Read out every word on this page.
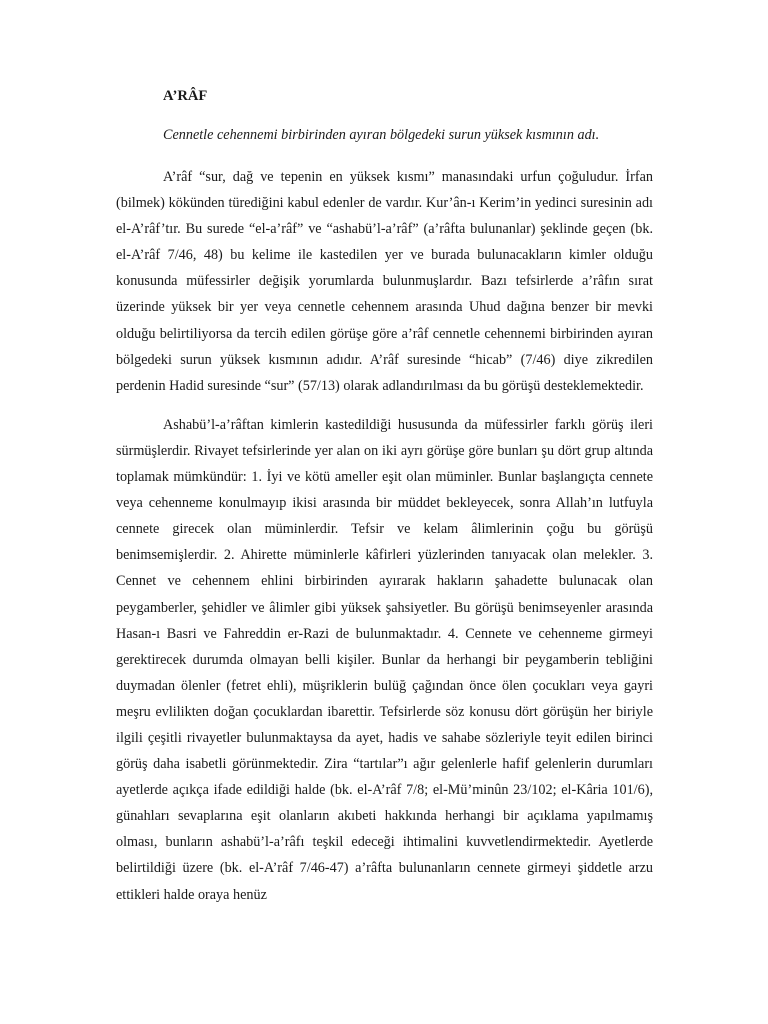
A’RÂF
Cennetle cehennemi birbirinden ayıran bölgedeki surun yüksek kısmının adı.

A’râf “sur, dağ ve tepenin en yüksek kısmı” manasındaki urfun çoğuludur. İrfan (bilmek) kökünden türediğini kabul edenler de vardır. Kur’ân-ı Kerim’in yedinci suresinin adı el-A’râf’tır. Bu surede “el-a’râf” ve “ashabü’l-a’râf” (a’râfta bulunanlar) şeklinde geçen (bk. el-A’râf 7/46, 48) bu kelime ile kastedilen yer ve burada bulunacakların kimler olduğu konusunda müfessirler değişik yorumlarda bulunmuşlardır. Bazı tefsirlerde a’râfın sırat üzerinde yüksek bir yer veya cennetle cehennem arasında Uhud dağına benzer bir mevki olduğu belirtiliyorsa da tercih edilen görüşe göre a’râf cennetle cehennemi birbirinden ayıran bölgedeki surun yüksek kısmının adıdır. A’râf suresinde “hicab” (7/46) diye zikredilen perdenin Hadid suresinde “sur” (57/13) olarak adlandırılması da bu görüşü desteklemektedir.

Ashabü’l-a’râftan kimlerin kastedildiği hususunda da müfessirler farklı görüş ileri sürmüşlerdir. Rivayet tefsirlerinde yer alan on iki ayrı görüşe göre bunları şu dört grup altında toplamak mümkündür: 1. İyi ve kötü ameller eşit olan müminler. Bunlar başlangıçta cennete veya cehenneme konulmayıp ikisi arasında bir müddet bekleyecek, sonra Allah’ın lutfuyla cennete girecek olan müminlerdir. Tefsir ve kelam âlimlerinin çoğu bu görüşü benimsemişlerdir. 2. Ahirette müminlerle kâfirleri yüzlerinden tanıyacak olan melekler. 3. Cennet ve cehennem ehlini birbirinden ayırarak hakların şahadette bulunacak olan peygamberler, şehidler ve âlimler gibi yüksek şahsiyetler. Bu görüşü benimseyenler arasında Hasan-ı Basri ve Fahreddin er-Razi de bulunmaktadır. 4. Cennete ve cehenneme girmeyi gerektirecek durumda olmayan belli kişiler. Bunlar da herhangi bir peygamberin tebliğini duymadan ölenler (fetret ehli), müşriklerin bulüğ çağından önce ölen çocukları veya gayri meşru evlilikten doğan çocuklardan ibarettir. Tefsirlerde söz konusu dört görüşün her biriyle ilgili çeşitli rivayetler bulunmaktaysa da ayet, hadis ve sahabe sözleriyle teyit edilen birinci görüş daha isabetli görünmektedir. Zira “tartılar”ı ağır gelenlerle hafif gelenlerin durumları ayetlerde açıkça ifade edildiği halde (bk. el-A’râf 7/8; el-Mü’minûn 23/102; el-Kâria 101/6), günahları sevaplarına eşit olanların akıbeti hakkında herhangi bir açıklama yapılmamış olması, bunların ashabü’l-a’râfı teşkil edeceği ihtimalini kuvvetlendirmektedir. Ayetlerde belirtildiği üzere (bk. el-A’râf 7/46-47) a’râfta bulunanların cennete girmeyi şiddetle arzu ettikleri halde oraya henüz
